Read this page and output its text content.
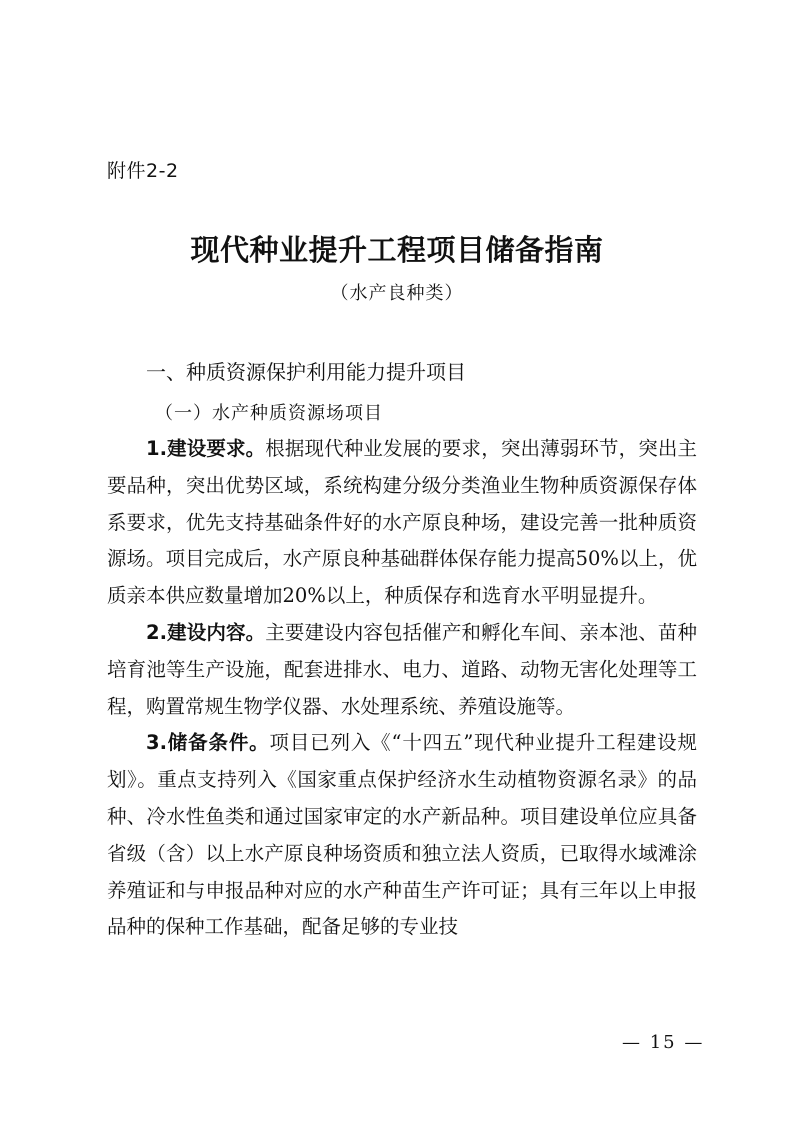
附件2-2
现代种业提升工程项目储备指南
（水产良种类）
一、种质资源保护利用能力提升项目
（一）水产种质资源场项目

1.建设要求。根据现代种业发展的要求，突出薄弱环节，突出主要品种，突出优势区域，系统构建分级分类渔业生物种质资源保存体系要求，优先支持基础条件好的水产原良种场，建设完善一批种质资源场。项目完成后，水产原良种基础群体保存能力提高50%以上，优质亲本供应数量增加20%以上，种质保存和选育水平明显提升。

2.建设内容。主要建设内容包括催产和孵化车间、亲本池、苗种培育池等生产设施，配套进排水、电力、道路、动物无害化处理等工程，购置常规生物学仪器、水处理系统、养殖设施等。

3.储备条件。项目已列入《“十四五”现代种业提升工程建设规划》。重点支持列入《国家重点保护经济水生动植物资源名录》的品种、冷水性鱼类和通过国家审定的水产新品种。项目建设单位应具备省级（含）以上水产原良种场资质和独立法人资质，已取得水域滩涂养殖证和与申报品种对应的水产种苗生产许可证；具有三年以上申报品种的保种工作基础，配备足够的专业技

— 15 —
